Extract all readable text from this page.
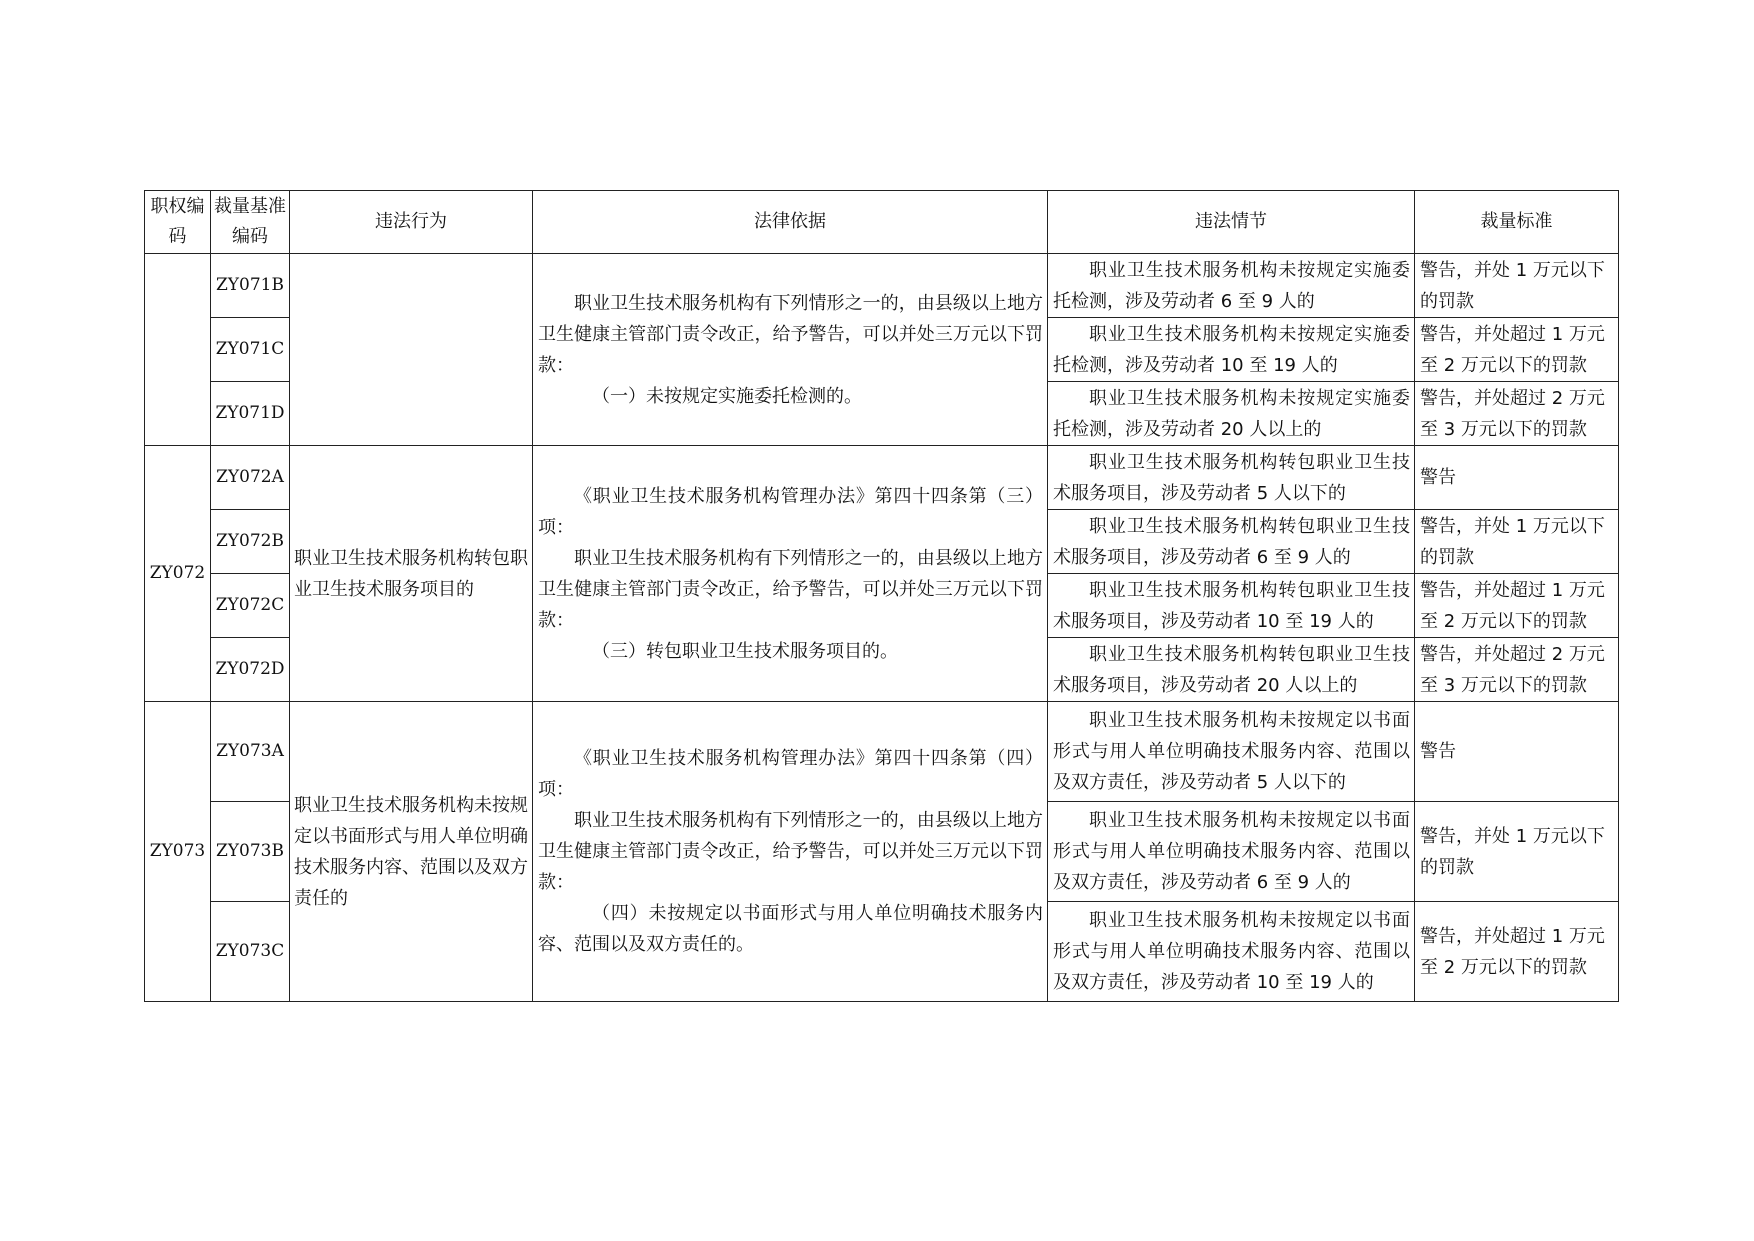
职权编码	裁量基准编码	违法行为	法律依据	违法情节	裁量标准
	ZY071B		职业卫生技术服务机构有下列情形之一的，由县级以上地方卫生健康主管部门责令改正，给予警告，可以并处三万元以下罚款：

（一）未按规定实施委托检测的。	职业卫生技术服务机构未按规定实施委托检测，涉及劳动者 6 至 9 人的	警告，并处 1 万元以下的罚款
	ZY071C			职业卫生技术服务机构未按规定实施委托检测，涉及劳动者 10 至 19 人的	警告，并处超过 1 万元至 2 万元以下的罚款
	ZY071D			职业卫生技术服务机构未按规定实施委托检测，涉及劳动者 20 人以上的	警告，并处超过 2 万元至 3 万元以下的罚款
ZY072	ZY072A	职业卫生技术服务机构转包职业卫生技术服务项目的	《职业卫生技术服务机构管理办法》第四十四条第（三）项：

职业卫生技术服务机构有下列情形之一的，由县级以上地方卫生健康主管部门责令改正，给予警告，可以并处三万元以下罚款：

（三）转包职业卫生技术服务项目的。	职业卫生技术服务机构转包职业卫生技术服务项目，涉及劳动者 5 人以下的	警告
	ZY072B			职业卫生技术服务机构转包职业卫生技术服务项目，涉及劳动者 6 至 9 人的	警告，并处 1 万元以下的罚款
	ZY072C			职业卫生技术服务机构转包职业卫生技术服务项目，涉及劳动者 10 至 19 人的	警告，并处超过 1 万元至 2 万元以下的罚款
	ZY072D			职业卫生技术服务机构转包职业卫生技术服务项目，涉及劳动者 20 人以上的	警告，并处超过 2 万元至 3 万元以下的罚款
ZY073	ZY073A	职业卫生技术服务机构未按规定以书面形式与用人单位明确技术服务内容、范围以及双方责任的	《职业卫生技术服务机构管理办法》第四十四条第（四）项：

职业卫生技术服务机构有下列情形之一的，由县级以上地方卫生健康主管部门责令改正，给予警告，可以并处三万元以下罚款：

（四）未按规定以书面形式与用人单位明确技术服务内容、范围以及双方责任的。	职业卫生技术服务机构未按规定以书面形式与用人单位明确技术服务内容、范围以及双方责任，涉及劳动者 5 人以下的	警告
	ZY073B			职业卫生技术服务机构未按规定以书面形式与用人单位明确技术服务内容、范围以及双方责任，涉及劳动者 6 至 9 人的	警告，并处 1 万元以下的罚款
	ZY073C			职业卫生技术服务机构未按规定以书面形式与用人单位明确技术服务内容、范围以及双方责任，涉及劳动者 10 至 19 人的	警告，并处超过 1 万元至 2 万元以下的罚款
